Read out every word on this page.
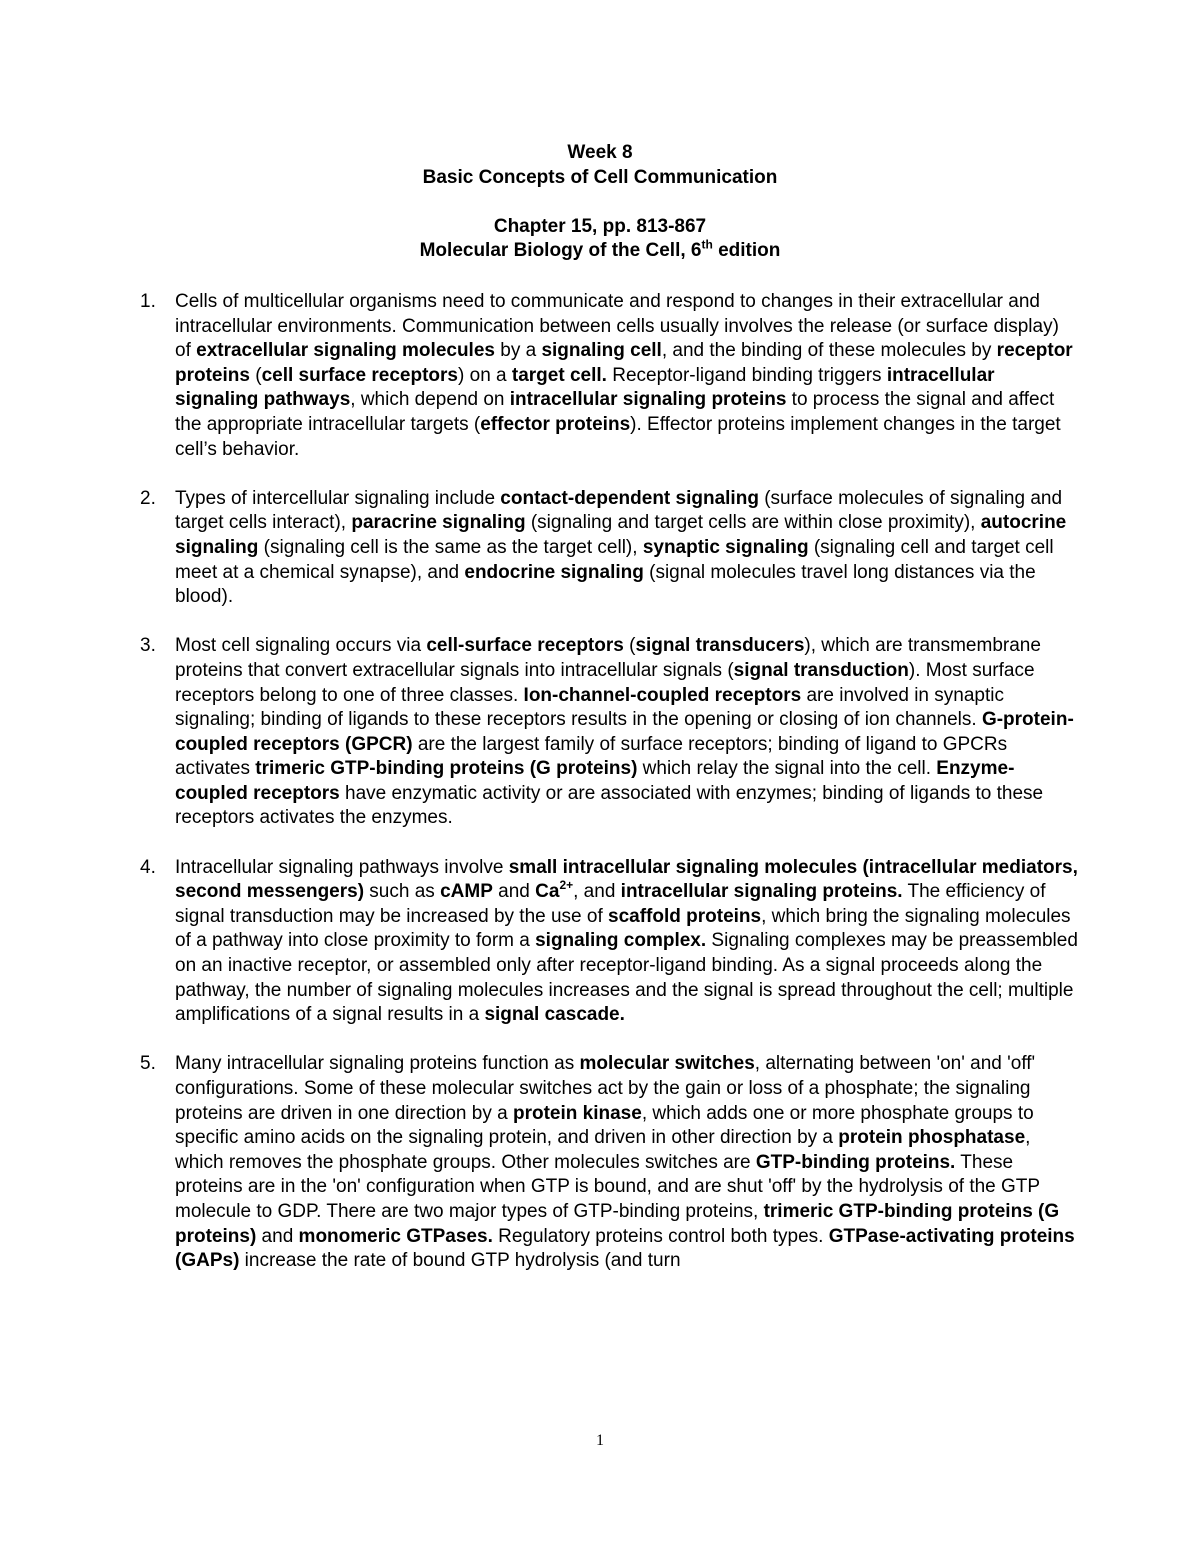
Week 8
Basic Concepts of Cell Communication
Chapter 15, pp. 813-867
Molecular Biology of the Cell, 6th edition
1.	Cells of multicellular organisms need to communicate and respond to changes in their extracellular and intracellular environments. Communication between cells usually involves the release (or surface display) of extracellular signaling molecules by a signaling cell, and the binding of these molecules by receptor proteins (cell surface receptors) on a target cell. Receptor-ligand binding triggers intracellular signaling pathways, which depend on intracellular signaling proteins to process the signal and affect the appropriate intracellular targets (effector proteins). Effector proteins implement changes in the target cell’s behavior.
2.	Types of intercellular signaling include contact-dependent signaling (surface molecules of signaling and target cells interact), paracrine signaling (signaling and target cells are within close proximity), autocrine signaling (signaling cell is the same as the target cell), synaptic signaling (signaling cell and target cell meet at a chemical synapse), and endocrine signaling (signal molecules travel long distances via the blood).
3.	Most cell signaling occurs via cell-surface receptors (signal transducers), which are transmembrane proteins that convert extracellular signals into intracellular signals (signal transduction). Most surface receptors belong to one of three classes. Ion-channel-coupled receptors are involved in synaptic signaling; binding of ligands to these receptors results in the opening or closing of ion channels. G-protein-coupled receptors (GPCR) are the largest family of surface receptors; binding of ligand to GPCRs activates trimeric GTP-binding proteins (G proteins) which relay the signal into the cell. Enzyme-coupled receptors have enzymatic activity or are associated with enzymes; binding of ligands to these receptors activates the enzymes.
4.	Intracellular signaling pathways involve small intracellular signaling molecules (intracellular mediators, second messengers) such as cAMP and $Ca^{2+}$, and intracellular signaling proteins. The efficiency of signal transduction may be increased by the use of scaffold proteins, which bring the signaling molecules of a pathway into close proximity to form a signaling complex. Signaling complexes may be preassembled on an inactive receptor, or assembled only after receptor-ligand binding. As a signal proceeds along the pathway, the number of signaling molecules increases and the signal is spread throughout the cell; multiple amplifications of a signal results in a signal cascade.
5.	Many intracellular signaling proteins function as molecular switches, alternating between 'on' and 'off' configurations. Some of these molecular switches act by the gain or loss of a phosphate; the signaling proteins are driven in one direction by a protein kinase, which adds one or more phosphate groups to specific amino acids on the signaling protein, and driven in other direction by a protein phosphatase, which removes the phosphate groups. Other molecules switches are GTP-binding proteins. These proteins are in the 'on' configuration when GTP is bound, and are shut 'off' by the hydrolysis of the GTP molecule to GDP. There are two major types of GTP-binding proteins, trimeric GTP-binding proteins (G proteins) and monomeric GTPases. Regulatory proteins control both types. GTPase-activating proteins (GAPs) increase the rate of bound GTP hydrolysis (and turn
1
